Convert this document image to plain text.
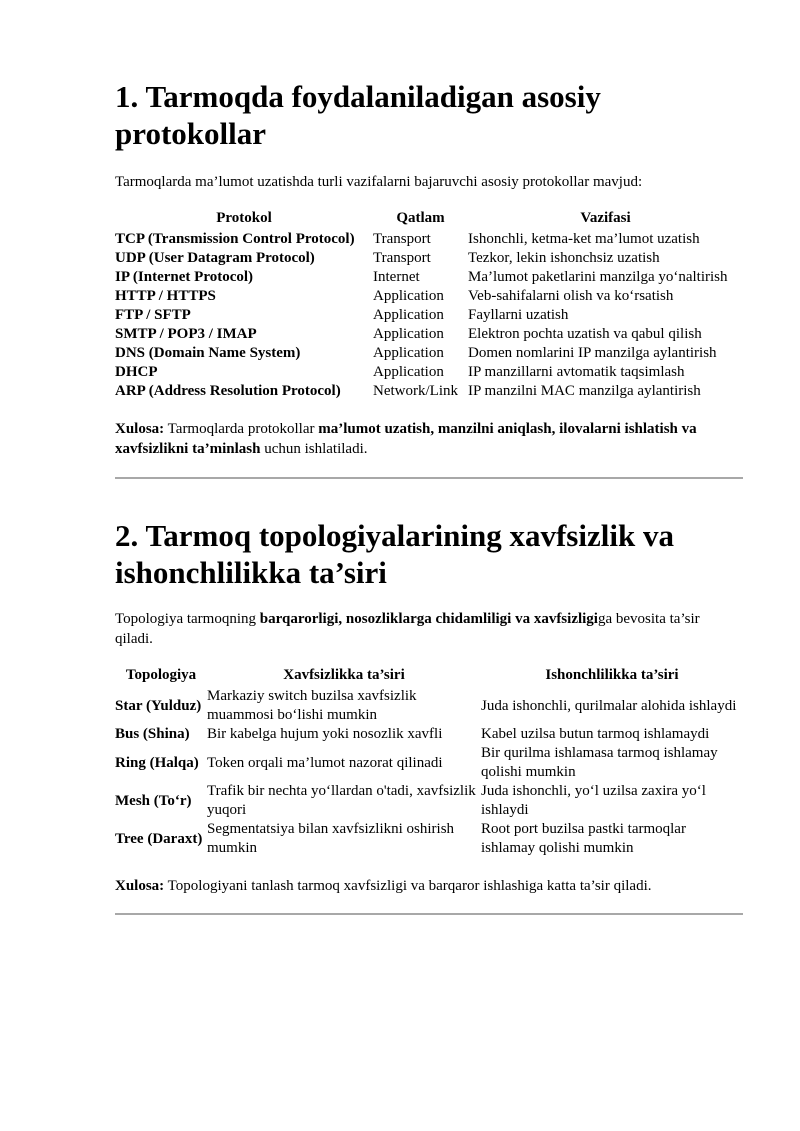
1. Tarmoqda foydalaniladigan asosiy protokollar

Tarmoqlarda ma’lumot uzatishda turli vazifalarni bajaruvchi asosiy protokollar mavjud:

Protokol	Qatlam	Vazifasi
TCP (Transmission Control Protocol)	Transport	Ishonchli, ketma-ket ma’lumot uzatish
UDP (User Datagram Protocol)	Transport	Tezkor, lekin ishonchsiz uzatish
IP (Internet Protocol)	Internet	Ma’lumot paketlarini manzilga yo‘naltirish
HTTP / HTTPS	Application	Veb-sahifalarni olish va ko‘rsatish
FTP / SFTP	Application	Fayllarni uzatish
SMTP / POP3 / IMAP	Application	Elektron pochta uzatish va qabul qilish
DNS (Domain Name System)	Application	Domen nomlarini IP manzilga aylantirish
DHCP	Application	IP manzillarni avtomatik taqsimlash
ARP (Address Resolution Protocol)	Network/Link	IP manzilni MAC manzilga aylantirish

Xulosa: Tarmoqlarda protokollar ma’lumot uzatish, manzilni aniqlash, ilovalarni ishlatish va xavfsizlikni ta’minlash uchun ishlatiladi.

2. Tarmoq topologiyalarining xavfsizlik va ishonchlilikka ta’siri

Topologiya tarmoqning barqarorligi, nosozliklarga chidamliligi va xavfsizligiga bevosita ta’sir qiladi.

Topologiya	Xavfsizlikka ta’siri	Ishonchlilikka ta’siri
Star (Yulduz)	Markaziy switch buzilsa xavfsizlik muammosi bo‘lishi mumkin	Juda ishonchli, qurilmalar alohida ishlaydi
Bus (Shina)	Bir kabelga hujum yoki nosozlik xavfli	Kabel uzilsa butun tarmoq ishlamaydi
Ring (Halqa)	Token orqali ma’lumot nazorat qilinadi	Bir qurilma ishlamasa tarmoq ishlamay qolishi mumkin
Mesh (To‘r)	Trafik bir nechta yo‘llardan o'tadi, xavfsizlik yuqori	Juda ishonchli, yo‘l uzilsa zaxira yo‘l ishlaydi
Tree (Daraxt)	Segmentatsiya bilan xavfsizlikni oshirish mumkin	Root port buzilsa pastki tarmoqlar ishlamay qolishi mumkin

Xulosa: Topologiyani tanlash tarmoq xavfsizligi va barqaror ishlashiga katta ta’sir qiladi.
